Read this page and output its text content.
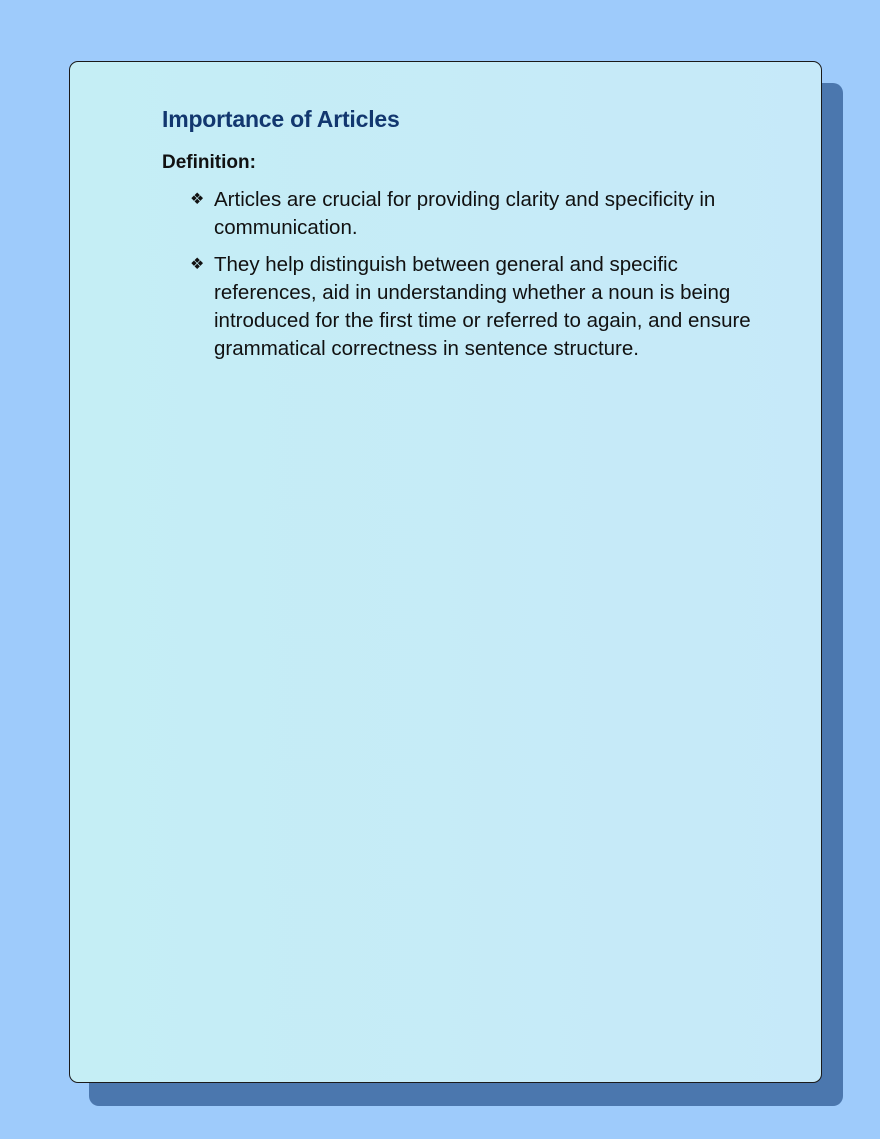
Importance of Articles
Definition:
❖ Articles are crucial for providing clarity and specificity in communication.
❖ They help distinguish between general and specific references, aid in understanding whether a noun is being introduced for the first time or referred to again, and ensure grammatical correctness in sentence structure.
